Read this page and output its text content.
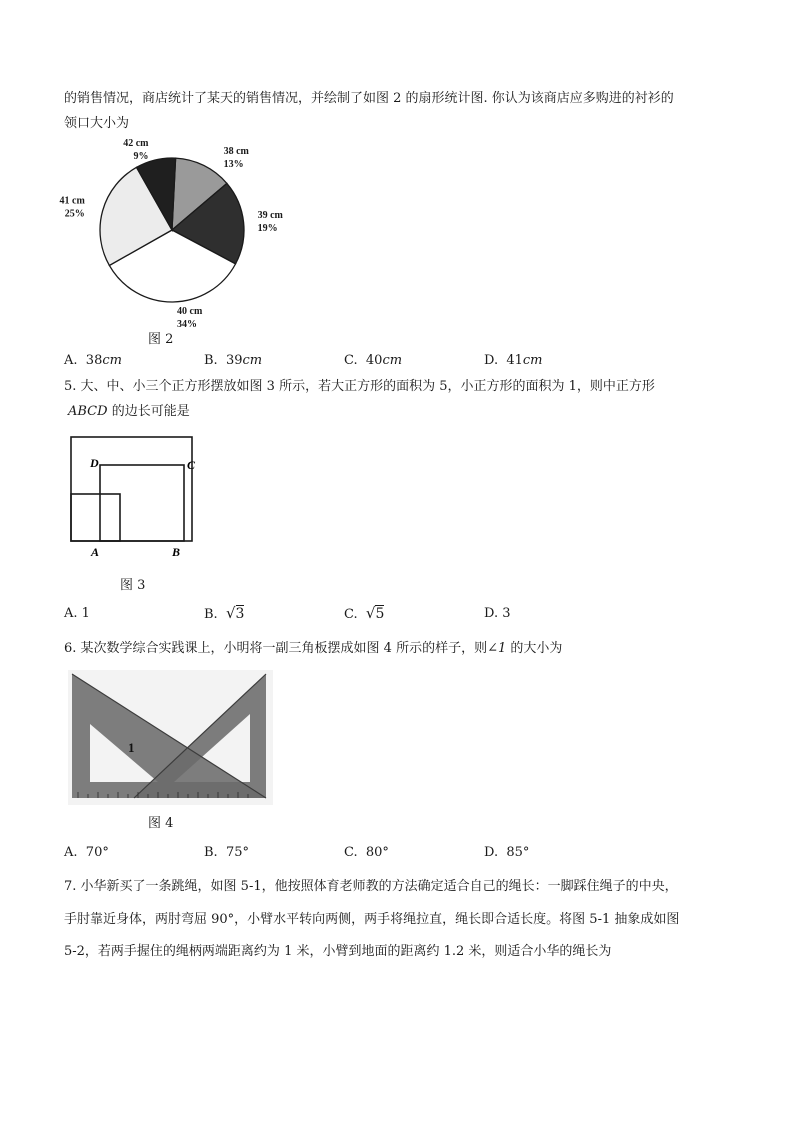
的销售情况，商店统计了某天的销售情况，并绘制了如图 2 的扇形统计图. 你认为该商店应多购进的衬衫的
领口大小为
38 cm
13%
39 cm
19%
40 cm
34%
41 cm
25%
42 cm
9%
图 2
A. 38cm	B. 39cm	C. 40cm	D. 41cm
5. 大、中、小三个正方形摆放如图 3 所示，若大正方形的面积为 5，小正方形的面积为 1，则中正方形
ABCD 的边长可能是
D	C
A	B
图 3
A. 1	B. √3	C. √5	D. 3
6. 某次数学综合实践课上，小明将一副三角板摆成如图 4 所示的样子，则∠1 的大小为
1
图 4
A. 70°	B. 75°	C. 80°	D. 85°
7. 小华新买了一条跳绳，如图 5-1，他按照体育老师教的方法确定适合自己的绳长：一脚踩住绳子的中央，
手肘靠近身体，两肘弯屈 90°，小臂水平转向两侧，两手将绳拉直，绳长即合适长度。将图 5-1 抽象成如图
5-2，若两手握住的绳柄两端距离约为 1 米，小臂到地面的距离约 1.2 米，则适合小华的绳长为
